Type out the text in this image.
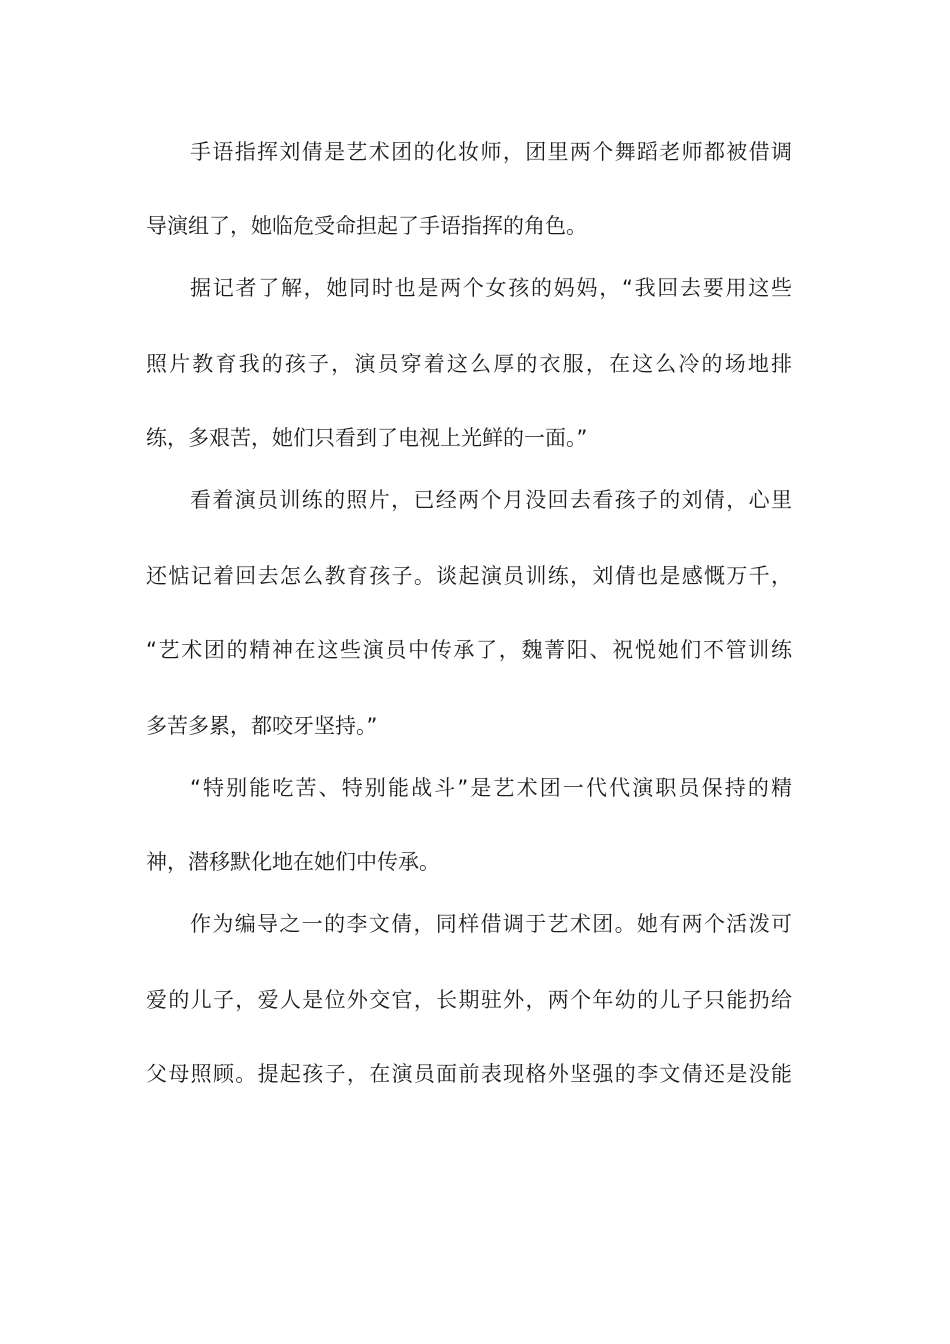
手语指挥刘倩是艺术团的化妆师，团里两个舞蹈老师都被借调

导演组了，她临危受命担起了手语指挥的角色。

据记者了解，她同时也是两个女孩的妈妈，“我回去要用这些

照片教育我的孩子，演员穿着这么厚的衣服，在这么冷的场地排

练，多艰苦，她们只看到了电视上光鲜的一面。”

看着演员训练的照片，已经两个月没回去看孩子的刘倩，心里

还惦记着回去怎么教育孩子。谈起演员训练，刘倩也是感慨万千，

“艺术团的精神在这些演员中传承了，魏菁阳、祝悦她们不管训练

多苦多累，都咬牙坚持。”

“特别能吃苦、特别能战斗”是艺术团一代代演职员保持的精

神，潜移默化地在她们中传承。

作为编导之一的李文倩，同样借调于艺术团。她有两个活泼可

爱的儿子，爱人是位外交官，长期驻外，两个年幼的儿子只能扔给

父母照顾。提起孩子，在演员面前表现格外坚强的李文倩还是没能
